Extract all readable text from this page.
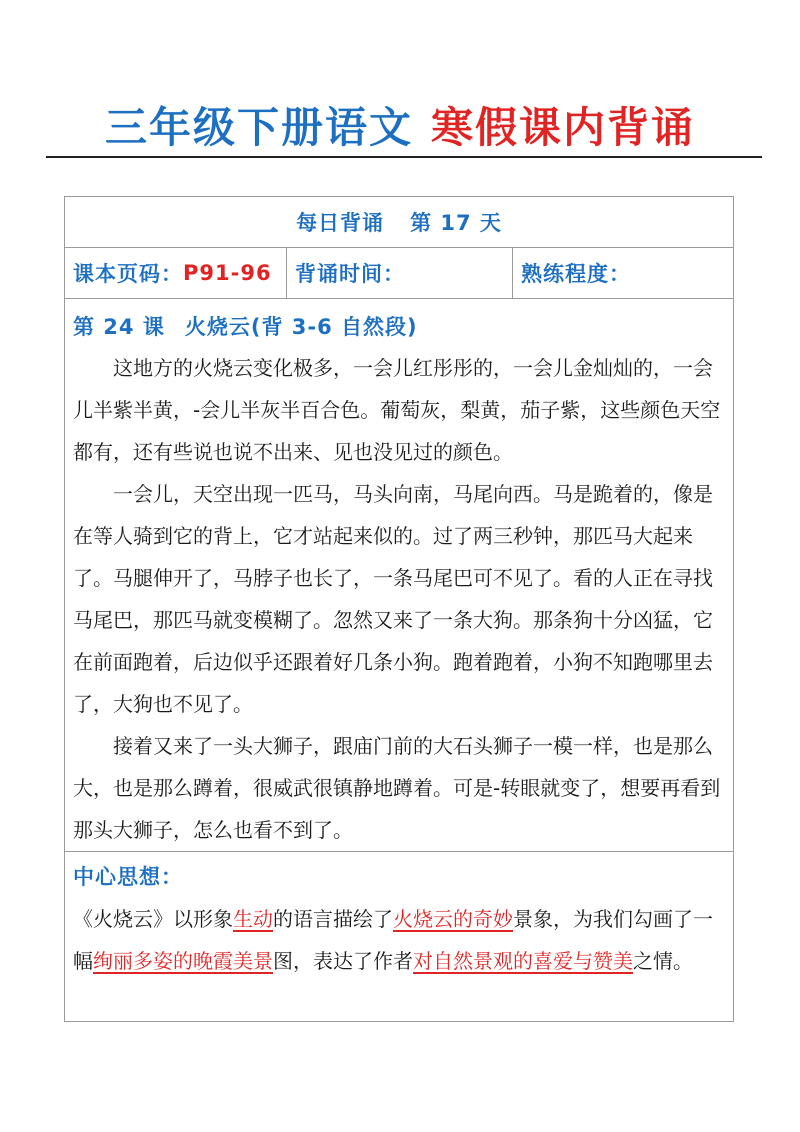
三年级下册语文 寒假课内背诵
每日背诵 第 17 天
课本页码： P91-96 背诵时间：	熟练程度：
第 24 课 火烧云(背 3-6 自然段)

这地方的火烧云变化极多，一会儿红彤彤的，一会儿金灿灿的，一会儿半紫半黄，-会儿半灰半百合色。葡萄灰，梨黄，茄子紫，这些颜色天空都有，还有些说也说不出来、见也没见过的颜色。

一会儿，天空出现一匹马，马头向南，马尾向西。马是跪着的，像是在等人骑到它的背上，它才站起来似的。过了两三秒钟，那匹马大起来了。马腿伸开了，马脖子也长了，一条马尾巴可不见了。看的人正在寻找马尾巴，那匹马就变模糊了。忽然又来了一条大狗。那条狗十分凶猛，它在前面跑着，后边似乎还跟着好几条小狗。跑着跑着，小狗不知跑哪里去了，大狗也不见了。

接着又来了一头大狮子，跟庙门前的大石头狮子一模一样，也是那么大，也是那么蹲着，很威武很镇静地蹲着。可是-转眼就变了，想要再看到那头大狮子，怎么也看不到了。

中心思想：
《火烧云》以形象生动的语言描绘了火烧云的奇妙景象，为我们勾画了一幅绚丽多姿的晚霞美景图，表达了作者对自然景观的喜爱与赞美之情。
